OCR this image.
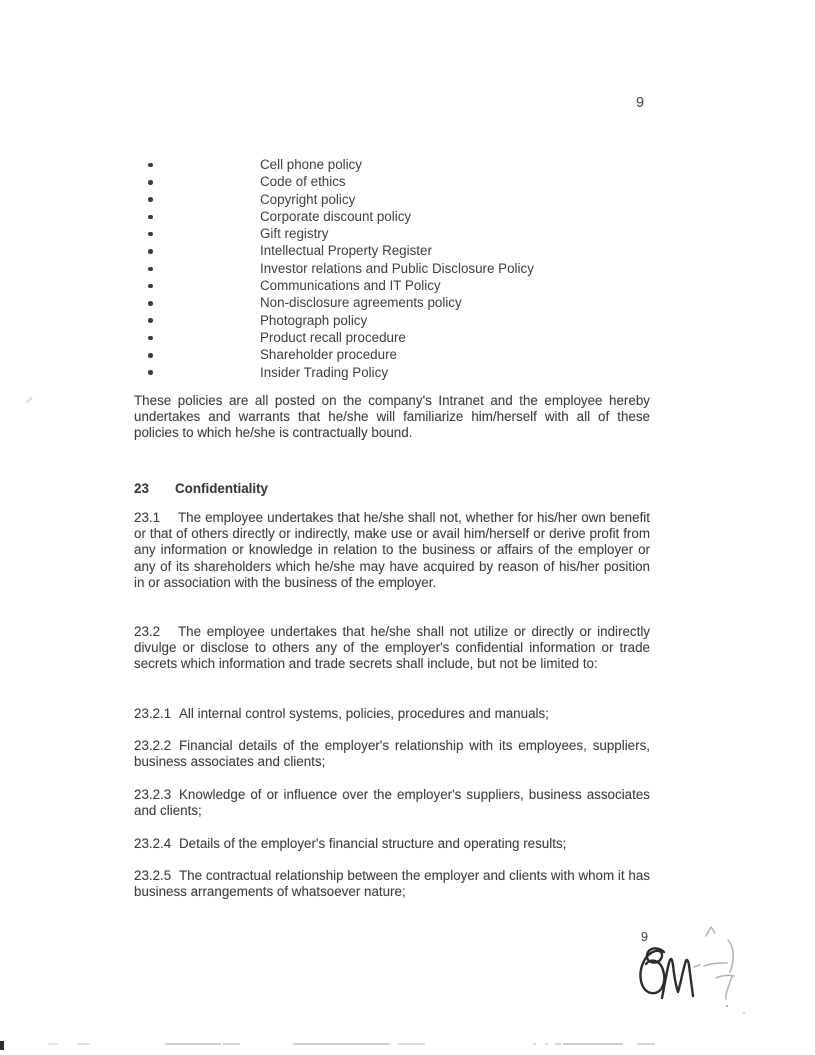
9
Cell phone policy
Code of ethics
Copyright policy
Corporate discount policy
Gift registry
Intellectual Property Register
Investor relations and Public Disclosure Policy
Communications and IT Policy
Non-disclosure agreements policy
Photograph policy
Product recall procedure
Shareholder procedure
Insider Trading Policy

These policies are all posted on the company's Intranet and the employee hereby undertakes and warrants that he/she will familiarize him/herself with all of these policies to which he/she is contractually bound.

23 Confidentiality

23.1 The employee undertakes that he/she shall not, whether for his/her own benefit or that of others directly or indirectly, make use or avail him/herself or derive profit from any information or knowledge in relation to the business or affairs of the employer or any of its shareholders which he/she may have acquired by reason of his/her position in or association with the business of the employer.

23.2 The employee undertakes that he/she shall not utilize or directly or indirectly divulge or disclose to others any of the employer's confidential information or trade secrets which information and trade secrets shall include, but not be limited to:

23.2.1 All internal control systems, policies, procedures and manuals;

23.2.2 Financial details of the employer's relationship with its employees, suppliers, business associates and clients;

23.2.3 Knowledge of or influence over the employer's suppliers, business associates and clients;

23.2.4 Details of the employer's financial structure and operating results;

23.2.5 The contractual relationship between the employer and clients with whom it has business arrangements of whatsoever nature;

9
